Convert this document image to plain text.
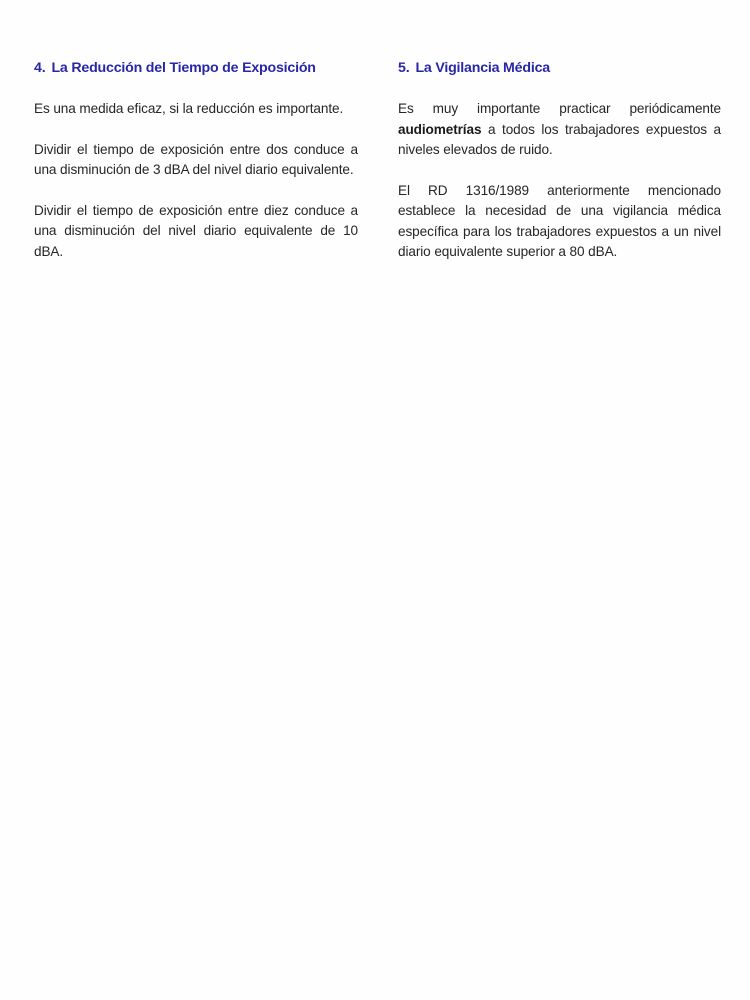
4. La Reducción del Tiempo de Exposición

Es una medida eficaz, si la reducción es importante.

Dividir el tiempo de exposición entre dos conduce a una disminución de 3 dBA del nivel diario equivalente.

Dividir el tiempo de exposición entre diez conduce a una disminución del nivel diario equivalente de 10 dBA.

5. La Vigilancia Médica

Es muy importante practicar periódicamente audiometrías a todos los trabajadores expuestos a niveles elevados de ruido.

El RD 1316/1989 anteriormente mencionado establece la necesidad de una vigilancia médica específica para los trabajadores expuestos a un nivel diario equivalente superior a 80 dBA.
